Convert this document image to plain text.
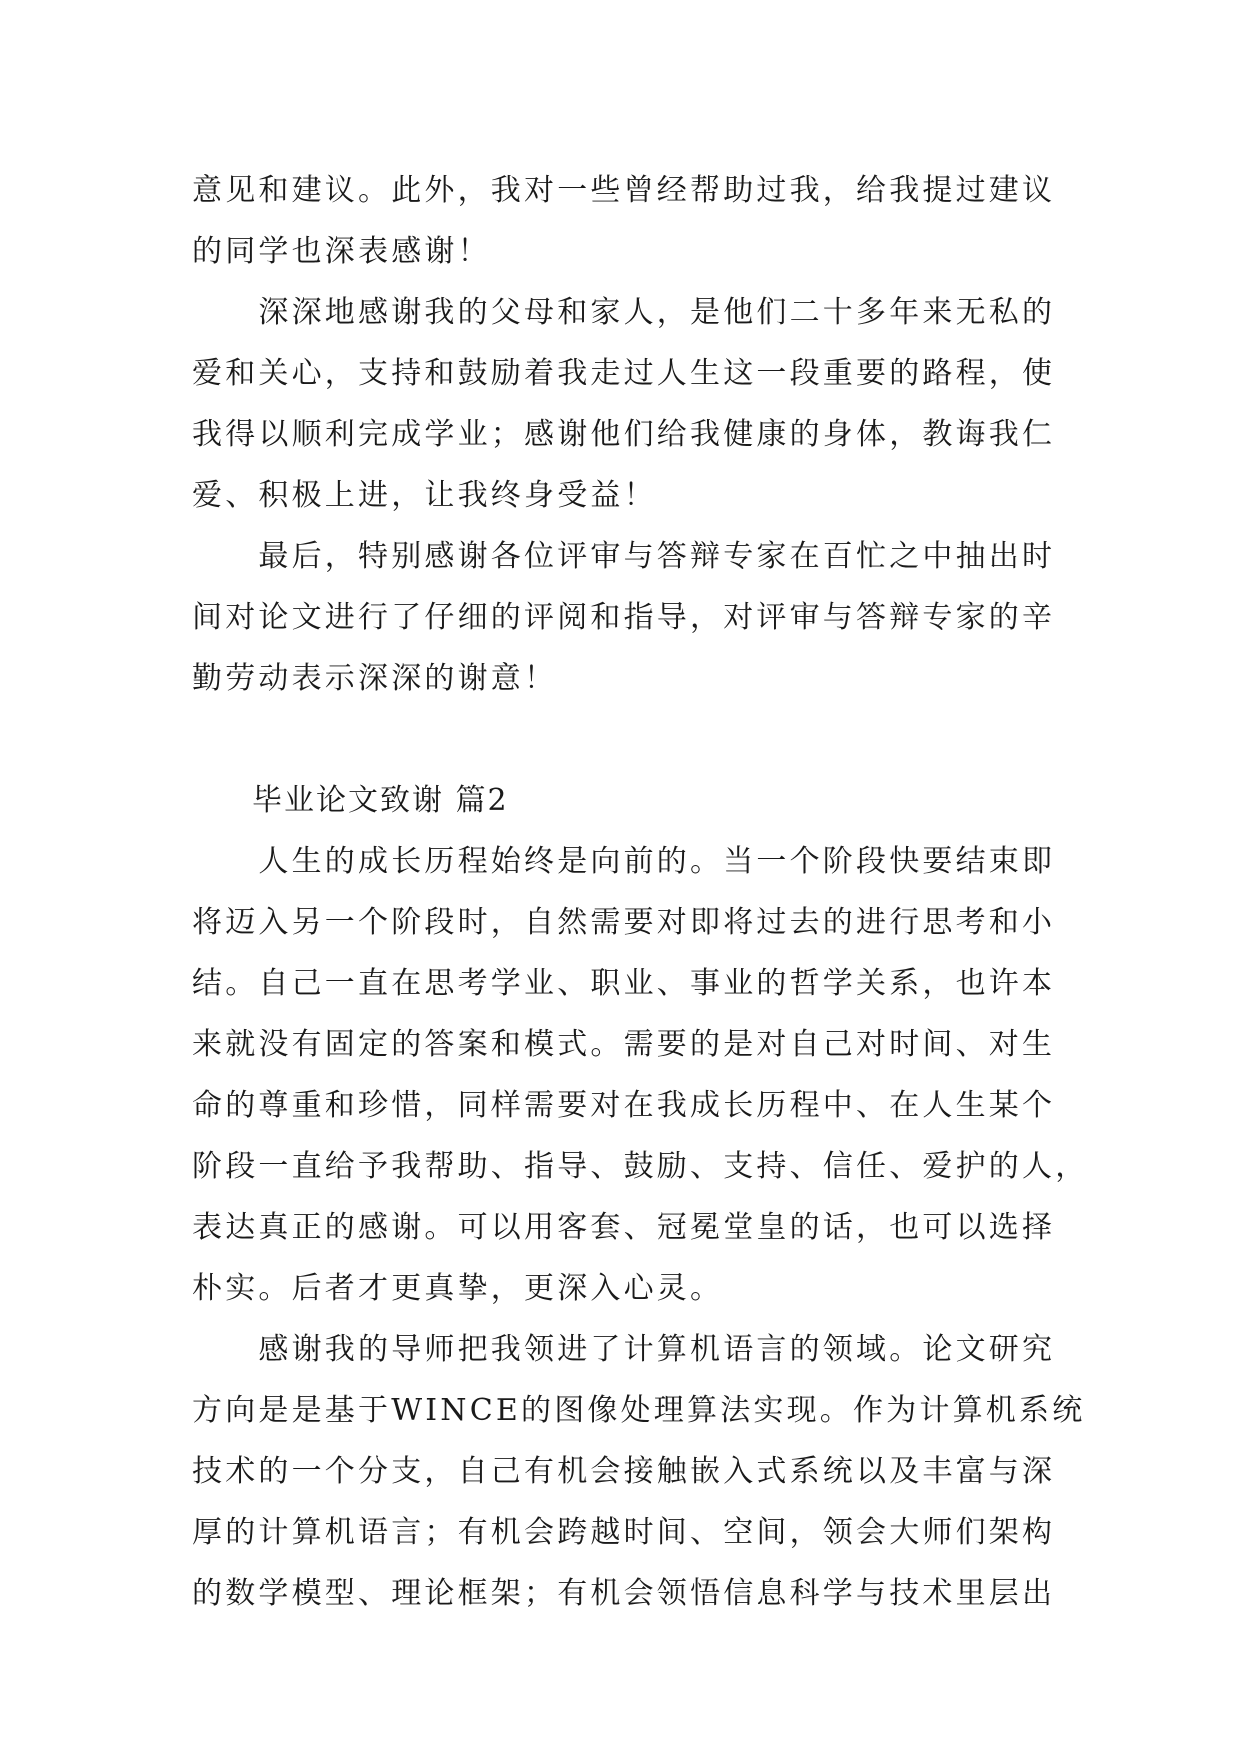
意见和建议。此外，我对一些曾经帮助过我，给我提过建议

的同学也深表感谢！

　　深深地感谢我的父母和家人，是他们二十多年来无私的

爱和关心，支持和鼓励着我走过人生这一段重要的路程，使

我得以顺利完成学业；感谢他们给我健康的身体，教诲我仁

爱、积极上进，让我终身受益！

　　最后，特别感谢各位评审与答辩专家在百忙之中抽出时

间对论文进行了仔细的评阅和指导，对评审与答辩专家的辛

勤劳动表示深深的谢意！

毕业论文致谢 篇2

　　人生的成长历程始终是向前的。当一个阶段快要结束即

将迈入另一个阶段时，自然需要对即将过去的进行思考和小

结。自己一直在思考学业、职业、事业的哲学关系，也许本

来就没有固定的答案和模式。需要的是对自己对时间、对生

命的尊重和珍惜，同样需要对在我成长历程中、在人生某个

阶段一直给予我帮助、指导、鼓励、支持、信任、爱护的人，

表达真正的感谢。可以用客套、冠冕堂皇的话，也可以选择

朴实。后者才更真挚，更深入心灵。

　　感谢我的导师把我领进了计算机语言的领域。论文研究

方向是是基于WINCE的图像处理算法实现。作为计算机系统

技术的一个分支，自己有机会接触嵌入式系统以及丰富与深

厚的计算机语言；有机会跨越时间、空间，领会大师们架构

的数学模型、理论框架；有机会领悟信息科学与技术里层出
